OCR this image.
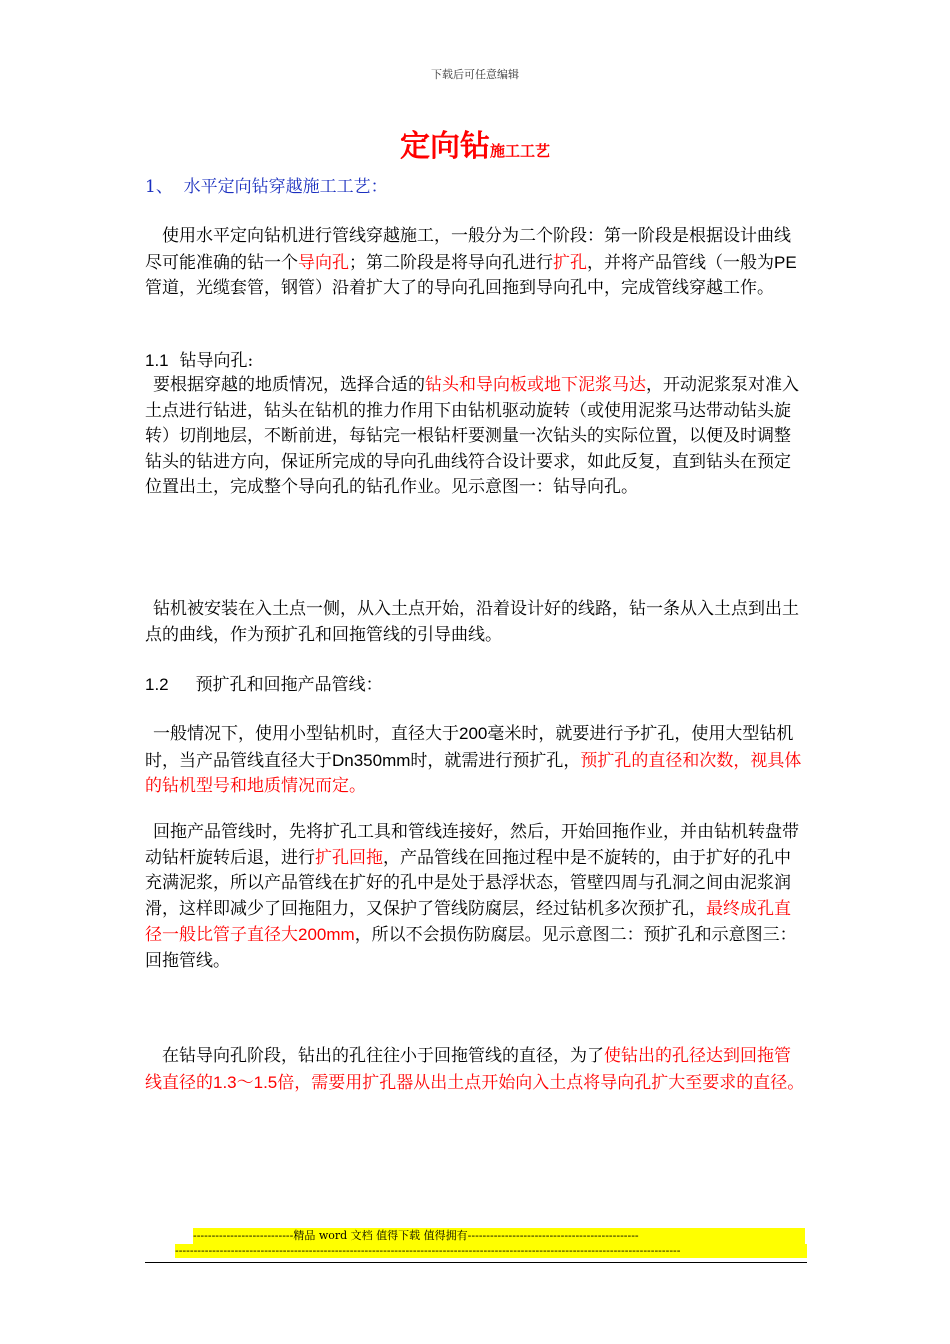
下载后可任意编辑
定向钻施工工艺

1、 水平定向钻穿越施工工艺：

使用水平定向钻机进行管线穿越施工，一般分为二个阶段：第一阶段是根据设计曲线尽可能准确的钻一个导向孔；第二阶段是将导向孔进行扩孔，并将产品管线（一般为PE管道，光缆套管，钢管）沿着扩大了的导向孔回拖到导向孔中，完成管线穿越工作。

1.1 钻导向孔:

要根据穿越的地质情况，选择合适的钻头和导向板或地下泥浆马达，开动泥浆泵对准入土点进行钻进，钻头在钻机的推力作用下由钻机驱动旋转（或使用泥浆马达带动钻头旋转）切削地层，不断前进，每钻完一根钻杆要测量一次钻头的实际位置，以便及时调整钻头的钻进方向，保证所完成的导向孔曲线符合设计要求，如此反复，直到钻头在预定位置出土，完成整个导向孔的钻孔作业。见示意图一：钻导向孔。

钻机被安装在入土点一侧，从入土点开始，沿着设计好的线路，钻一条从入土点到出土点的曲线，作为预扩孔和回拖管线的引导曲线。

1.2 预扩孔和回拖产品管线：

一般情况下，使用小型钻机时，直径大于200毫米时，就要进行予扩孔，使用大型钻机时，当产品管线直径大于Dn350mm时，就需进行预扩孔，预扩孔的直径和次数，视具体的钻机型号和地质情况而定。

回拖产品管线时，先将扩孔工具和管线连接好，然后，开始回拖作业，并由钻机转盘带动钻杆旋转后退，进行扩孔回拖，产品管线在回拖过程中是不旋转的，由于扩好的孔中充满泥浆，所以产品管线在扩好的孔中是处于悬浮状态，管壁四周与孔洞之间由泥浆润滑，这样即减少了回拖阻力，又保护了管线防腐层，经过钻机多次预扩孔，最终成孔直径一般比管子直径大200mm，所以不会损伤防腐层。见示意图二：预扩孔和示意图三：回拖管线。

在钻导向孔阶段，钻出的孔往往小于回拖管线的直径，为了使钻出的孔径达到回拖管线直径的1.3～1.5倍，需要用扩孔器从出土点开始向入土点将导向孔扩大至要求的直径。

---------------------------精品 word 文档 值得下载 值得拥有----------------------------------------------
----------------------------------------------------------------------------------------------------------------------------------------
